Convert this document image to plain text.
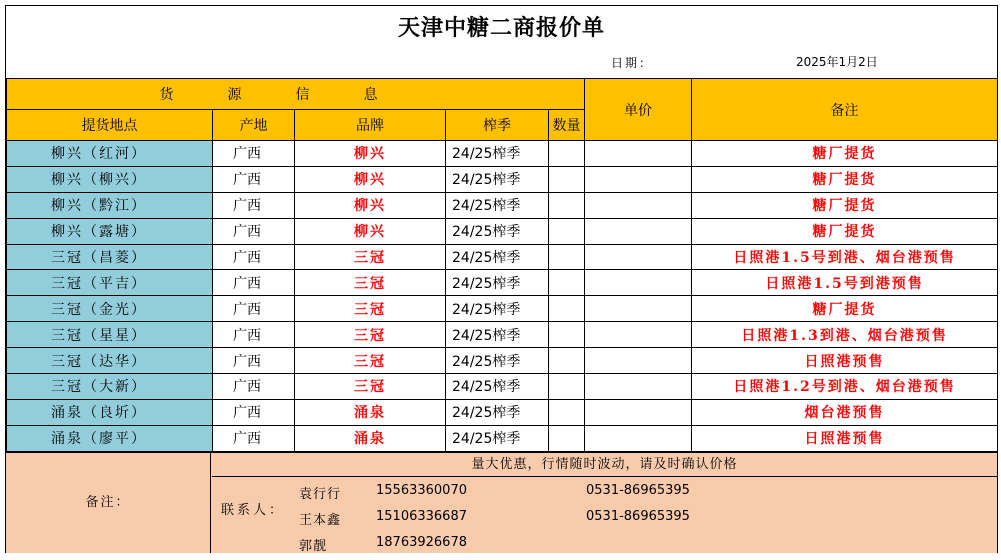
天津中糖二商报价单
日期：	2025年1月2日
货源信息					单价	备注
提货地点	产地	品牌	榨季	数量		
柳兴（红河）	广西	柳兴	24/25榨季			糖厂提货
柳兴（柳兴）	广西	柳兴	24/25榨季			糖厂提货
柳兴（黔江）	广西	柳兴	24/25榨季			糖厂提货
柳兴（露塘）	广西	柳兴	24/25榨季			糖厂提货
三冠（昌菱）	广西	三冠	24/25榨季			日照港1.5号到港、烟台港预售
三冠（平吉）	广西	三冠	24/25榨季			日照港1.5号到港预售
三冠（金光）	广西	三冠	24/25榨季			糖厂提货
三冠（星星）	广西	三冠	24/25榨季			日照港1.3到港、烟台港预售
三冠（达华）	广西	三冠	24/25榨季			日照港预售
三冠（大新）	广西	三冠	24/25榨季			日照港1.2号到港、烟台港预售
涌泉（良圻）	广西	涌泉	24/25榨季			烟台港预售
涌泉（廖平）	广西	涌泉	24/25榨季			日照港预售
备注：
量大优惠，行情随时波动，请及时确认价格
联系人：
袁行行	15563360070	0531-86965395
王本鑫	15106336687	0531-86965395
郭靓	18763926678
